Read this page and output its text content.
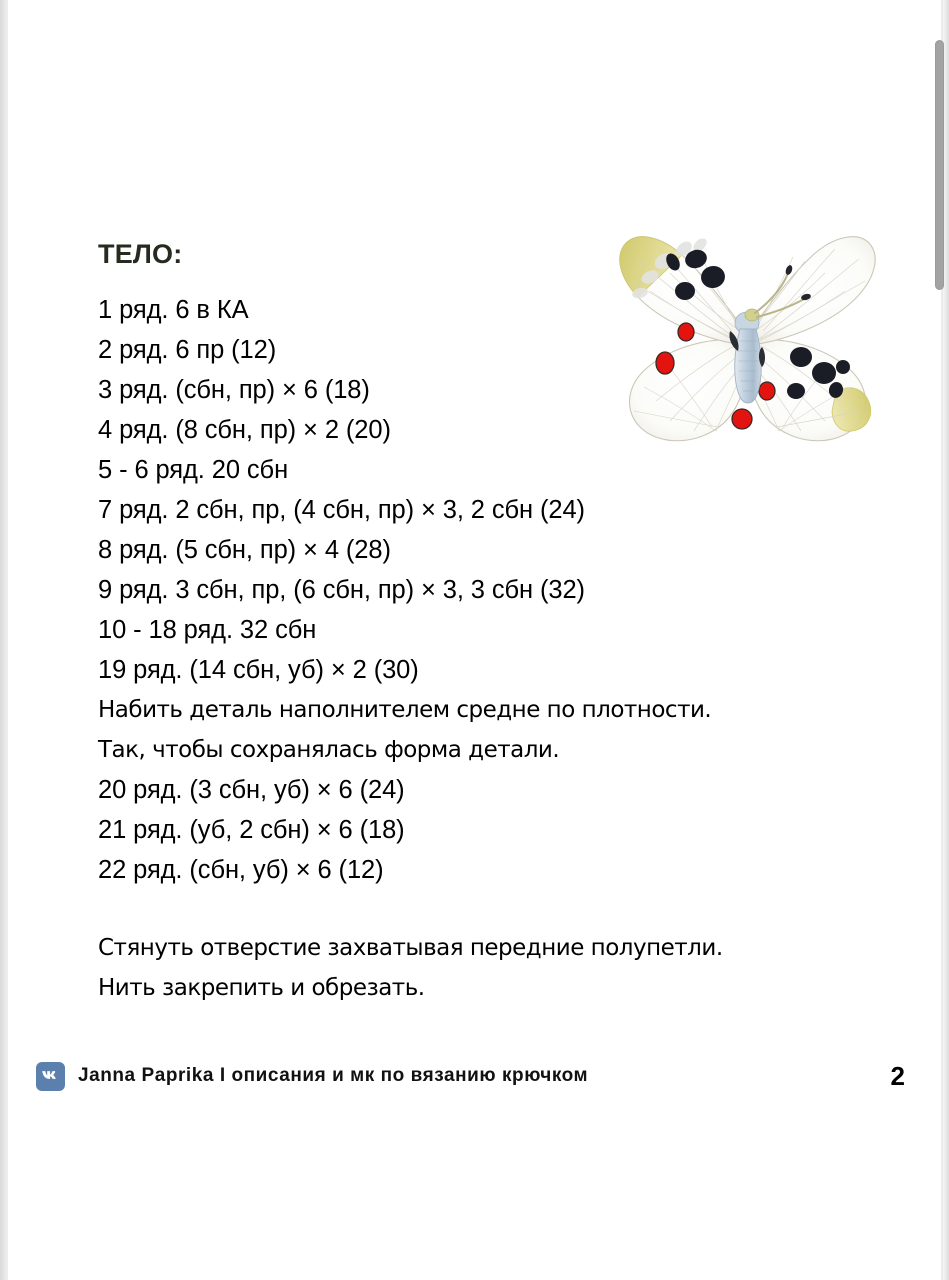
ТЕЛО:
1 ряд. 6 в КА
2 ряд. 6 пр (12)
3 ряд. (сбн, пр) × 6 (18)
4 ряд. (8 сбн, пр) × 2 (20)
5 - 6 ряд. 20 сбн
7 ряд. 2 сбн, пр, (4 сбн, пр) × 3, 2 сбн (24)
8 ряд. (5 сбн, пр) × 4 (28)
9 ряд. 3 сбн, пр, (6 сбн, пр) × 3, 3 сбн (32)
10 - 18 ряд. 32 сбн
19 ряд. (14 сбн, уб) × 2 (30)
Набить деталь наполнителем средне по плотности.
Так, чтобы сохранялась форма детали.
20 ряд. (3 сбн, уб) × 6 (24)
21 ряд. (уб, 2 сбн) × 6 (18)
22 ряд. (сбн, уб) × 6 (12)
Стянуть отверстие захватывая передние полупетли.
Нить закрепить и обрезать.
Janna Paprika I описания и мк по вязанию крючком	2
